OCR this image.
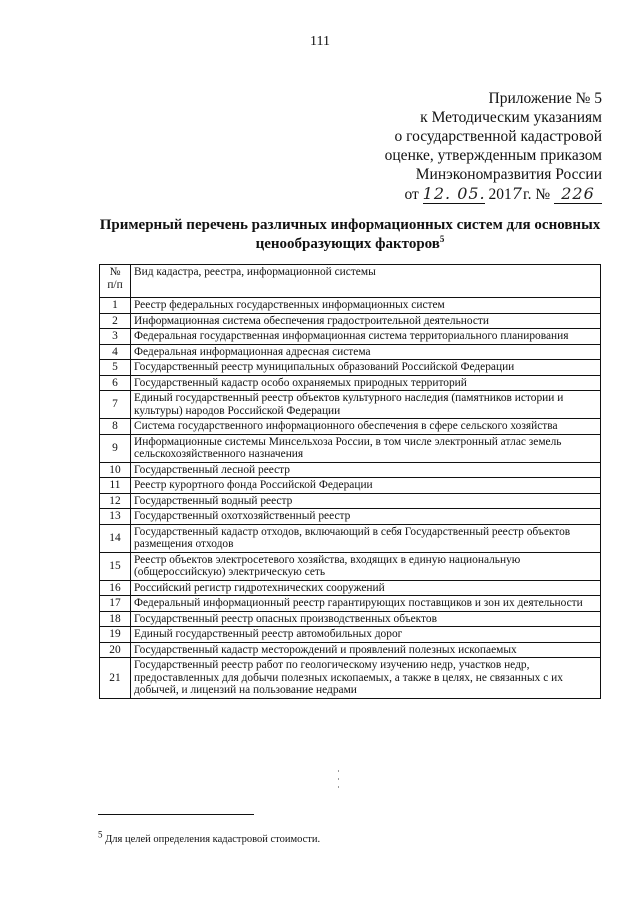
111
Приложение № 5
к Методическим указаниям
о государственной кадастровой
оценке, утвержденным приказом
Минэкономразвития России
от 12. 05. 2017г. № 226
Примерный перечень различных информационных систем для основных
ценообразующих факторов$^5$
№
п/п	Вид кадастра, реестра, информационной системы
1	Реестр федеральных государственных информационных систем
2	Информационная система обеспечения градостроительной деятельности
3	Федеральная государственная информационная система территориального планирования
4	Федеральная информационная адресная система
5	Государственный реестр муниципальных образований Российской Федерации
6	Государственный кадастр особо охраняемых природных территорий
7	Единый государственный реестр объектов культурного наследия (памятников истории и культуры) народов Российской Федерации
8	Система государственного информационного обеспечения в сфере сельского хозяйства
9	Информационные системы Минсельхоза России, в том числе электронный атлас земель сельскохозяйственного назначения
10	Государственный лесной реестр
11	Реестр курортного фонда Российской Федерации
12	Государственный водный реестр
13	Государственный охотхозяйственный реестр
14	Государственный кадастр отходов, включающий в себя Государственный реестр объектов размещения отходов
15	Реестр объектов электросетевого хозяйства, входящих в единую национальную (общероссийскую) электрическую сеть
16	Российский регистр гидротехнических сооружений
17	Федеральный информационный реестр гарантирующих поставщиков и зон их деятельности
18	Государственный реестр опасных производственных объектов
19	Единый государственный реестр автомобильных дорог
20	Государственный кадастр месторождений и проявлений полезных ископаемых
21	Государственный реестр работ по геологическому изучению недр, участков недр, предоставленных для добычи полезных ископаемых, а также в целях, не связанных с их добычей, и лицензий на пользование недрами
$^5$ Для целей определения кадастровой стоимости.
